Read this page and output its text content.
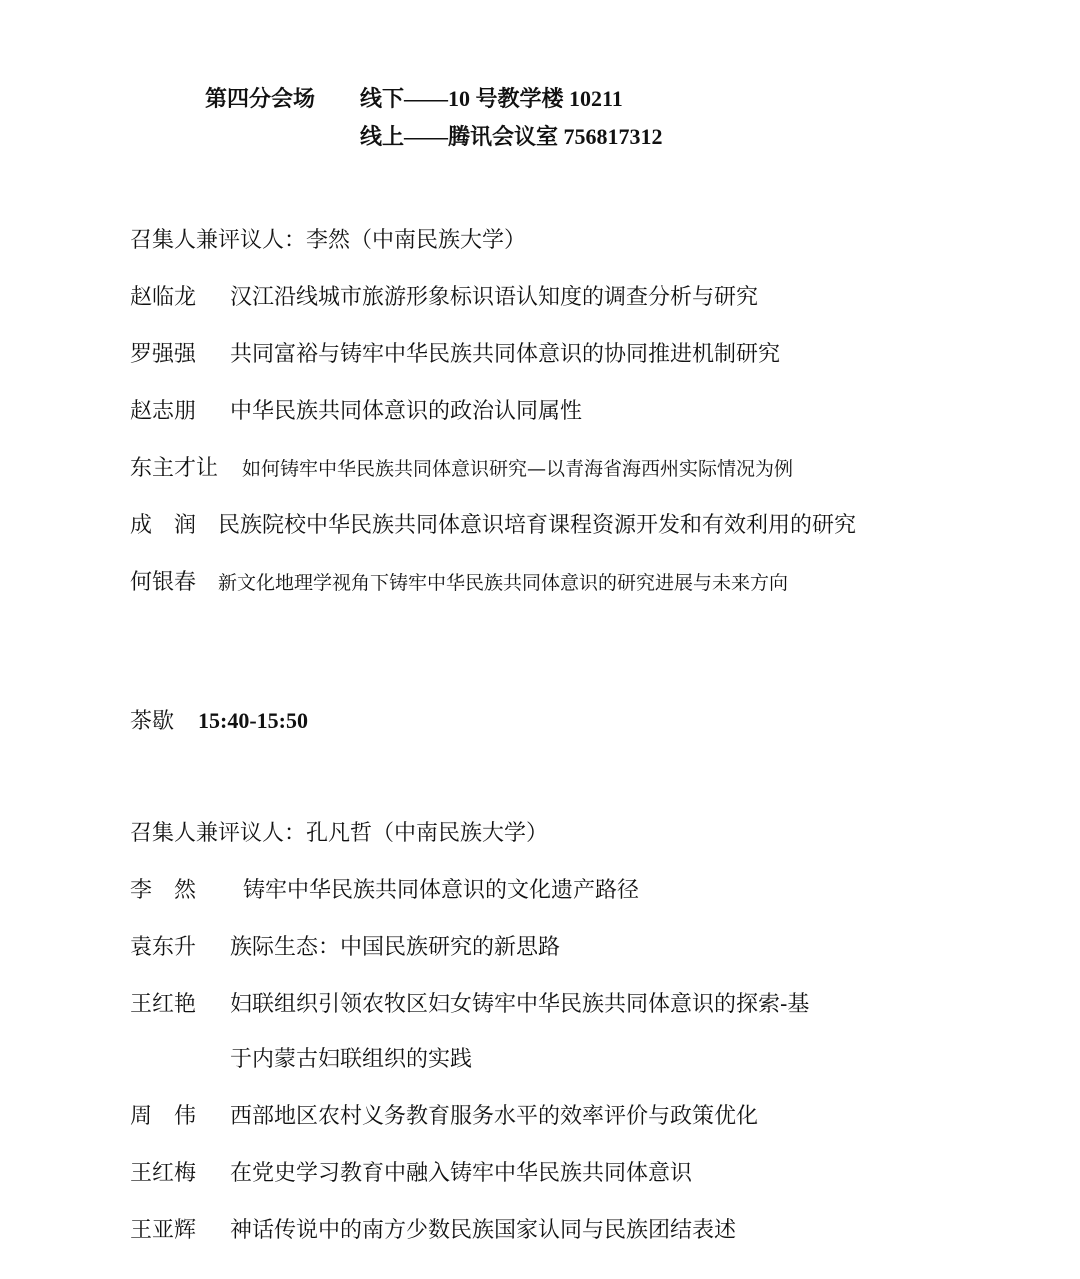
第四分会场 线下——10 号教学楼 10211
线上——腾讯会议室 756817312
召集人兼评议人：李然（中南民族大学）
赵临龙 汉江沿线城市旅游形象标识语认知度的调查分析与研究
罗强强 共同富裕与铸牢中华民族共同体意识的协同推进机制研究
赵志朋 中华民族共同体意识的政治认同属性
东主才让 如何铸牢中华民族共同体意识研究—以青海省海西州实际情况为例
成　润 民族院校中华民族共同体意识培育课程资源开发和有效利用的研究
何银春 新文化地理学视角下铸牢中华民族共同体意识的研究进展与未来方向
茶歇 15:40-15:50
召集人兼评议人：孔凡哲（中南民族大学）
李　然 铸牢中华民族共同体意识的文化遗产路径
袁东升 族际生态：中国民族研究的新思路
王红艳 妇联组织引领农牧区妇女铸牢中华民族共同体意识的探索-基
于内蒙古妇联组织的实践
周　伟 西部地区农村义务教育服务水平的效率评价与政策优化
王红梅 在党史学习教育中融入铸牢中华民族共同体意识
王亚辉 神话传说中的南方少数民族国家认同与民族团结表述
